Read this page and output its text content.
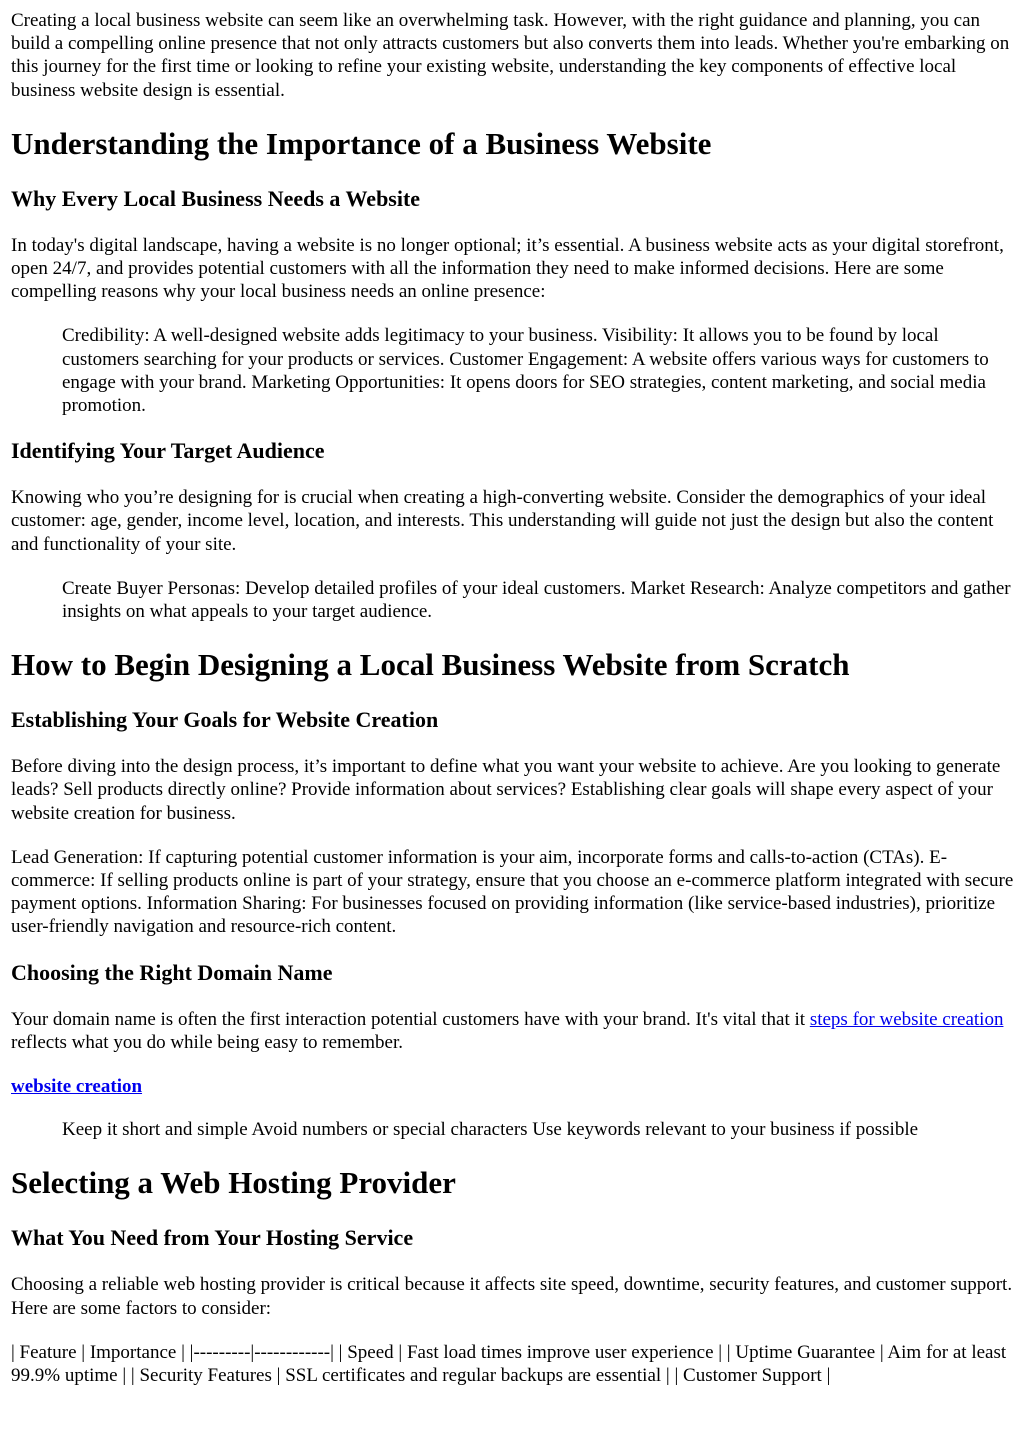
Creating a local business website can seem like an overwhelming task. However, with the right guidance and planning, you can build a compelling online presence that not only attracts customers but also converts them into leads. Whether you're embarking on this journey for the first time or looking to refine your existing website, understanding the key components of effective local business website design is essential.

Understanding the Importance of a Business Website
Why Every Local Business Needs a Website

In today's digital landscape, having a website is no longer optional; it’s essential. A business website acts as your digital storefront, open 24/7, and provides potential customers with all the information they need to make informed decisions. Here are some compelling reasons why your local business needs an online presence:

Credibility: A well-designed website adds legitimacy to your business. Visibility: It allows you to be found by local customers searching for your products or services. Customer Engagement: A website offers various ways for customers to engage with your brand. Marketing Opportunities: It opens doors for SEO strategies, content marketing, and social media promotion.
Identifying Your Target Audience

Knowing who you’re designing for is crucial when creating a high-converting website. Consider the demographics of your ideal customer: age, gender, income level, location, and interests. This understanding will guide not just the design but also the content and functionality of your site.

Create Buyer Personas: Develop detailed profiles of your ideal customers. Market Research: Analyze competitors and gather insights on what appeals to your target audience.
How to Begin Designing a Local Business Website from Scratch
Establishing Your Goals for Website Creation

Before diving into the design process, it’s important to define what you want your website to achieve. Are you looking to generate leads? Sell products directly online? Provide information about services? Establishing clear goals will shape every aspect of your website creation for business.

Lead Generation: If capturing potential customer information is your aim, incorporate forms and calls-to-action (CTAs). E-commerce: If selling products online is part of your strategy, ensure that you choose an e-commerce platform integrated with secure payment options. Information Sharing: For businesses focused on providing information (like service-based industries), prioritize user-friendly navigation and resource-rich content.

Choosing the Right Domain Name

Your domain name is often the first interaction potential customers have with your brand. It's vital that it steps for website creation reflects what you do while being easy to remember.

website creation

Keep it short and simple Avoid numbers or special characters Use keywords relevant to your business if possible
Selecting a Web Hosting Provider
What You Need from Your Hosting Service

Choosing a reliable web hosting provider is critical because it affects site speed, downtime, security features, and customer support. Here are some factors to consider:

| Feature | Importance | |---------|------------| | Speed | Fast load times improve user experience | | Uptime Guarantee | Aim for at least 99.9% uptime | | Security Features | SSL certificates and regular backups are essential | | Customer Support |
